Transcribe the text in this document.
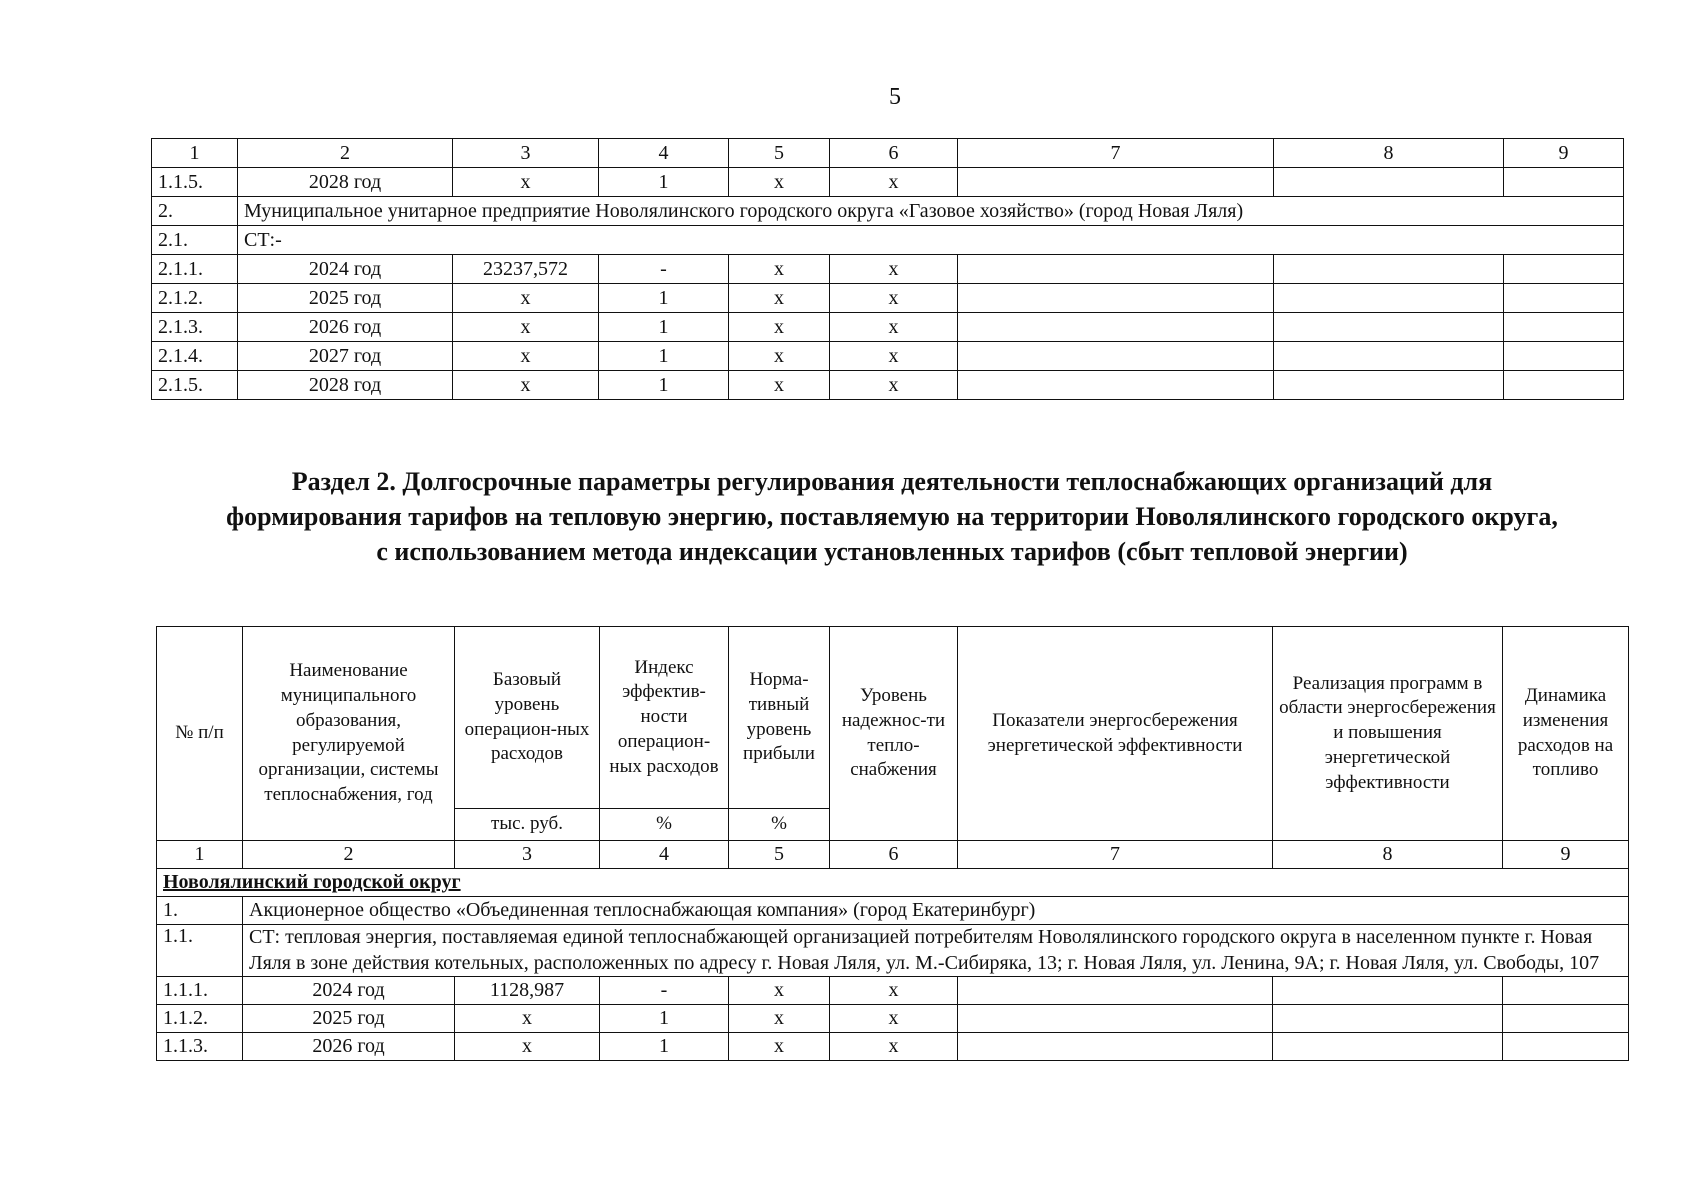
5
1	2	3	4	5	6	7	8	9
1.1.5.	2028 год	x	1	x	x			
2.	Муниципальное унитарное предприятие Новолялинского городского округа «Газовое хозяйство» (город Новая Ляля)							
2.1.	СТ:-							
2.1.1.	2024 год	23237,572	-	x	x			
2.1.2.	2025 год	x	1	x	x			
2.1.3.	2026 год	x	1	x	x			
2.1.4.	2027 год	x	1	x	x			
2.1.5.	2028 год	x	1	x	x			
Раздел 2. Долгосрочные параметры регулирования деятельности теплоснабжающих организаций для
формирования тарифов на тепловую энергию, поставляемую на территории Новолялинского городского округа,
с использованием метода индексации установленных тарифов (сбыт тепловой энергии)
№ п/п	Наименование муниципального образования, регулируемой организации, системы теплоснабжения, год	Базовый уровень операцион-ных расходов	Индекс эффектив-ности операцион-ных расходов	Норма-тивный уровень прибыли	Уровень надежнос-ти тепло-снабжения	Показатели энергосбережения энергетической эффективности	Реализация программ в области энергосбережения и повышения энергетической эффективности	Динамика изменения расходов на топливо
		тыс. руб.	%	%				
1	2	3	4	5	6	7	8	9
Новолялинский городской округ								
1.	Акционерное общество «Объединенная теплоснабжающая компания» (город Екатеринбург)							
1.1.	СТ: тепловая энергия, поставляемая единой теплоснабжающей организацией потребителям Новолялинского городского округа в населенном пункте г. Новая Ляля в зоне действия котельных, расположенных по адресу г. Новая Ляля, ул. М.-Сибиряка, 13; г. Новая Ляля, ул. Ленина, 9А; г. Новая Ляля, ул. Свободы, 107							
1.1.1.	2024 год	1128,987	-	x	x			
1.1.2.	2025 год	x	1	x	x			
1.1.3.	2026 год	x	1	x	x			
